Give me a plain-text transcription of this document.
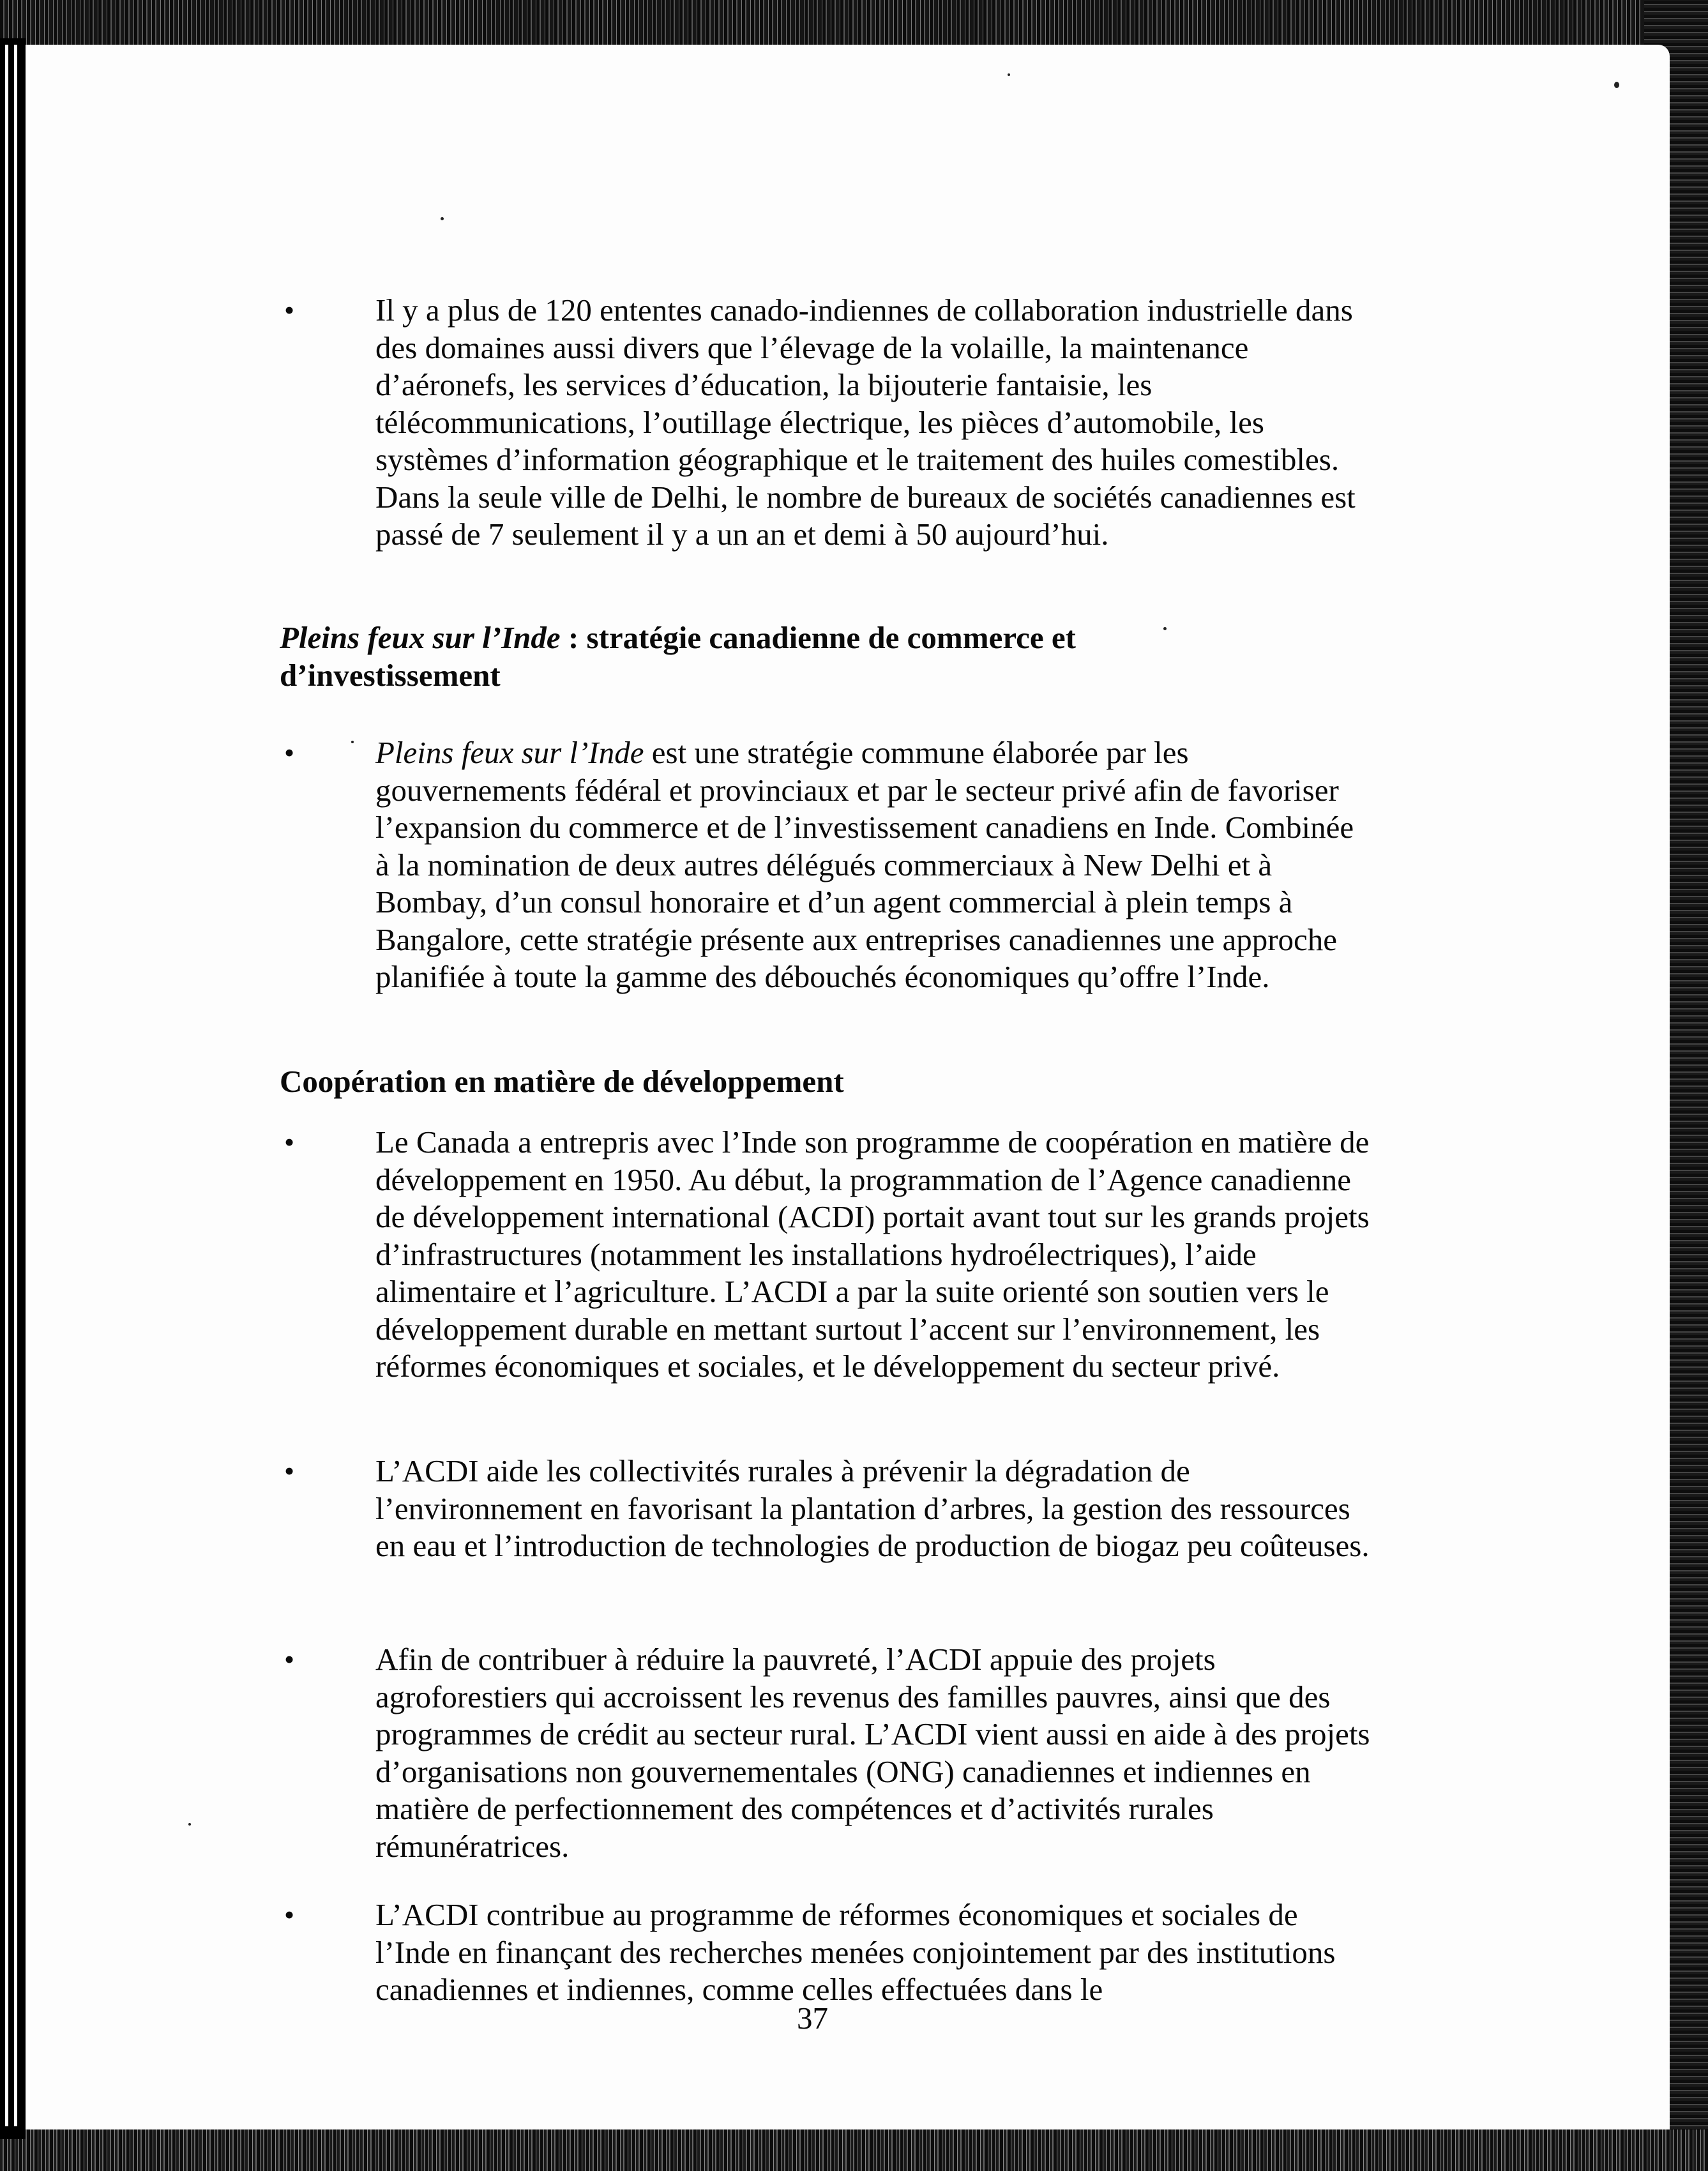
•	Il y a plus de 120 ententes canado-indiennes de collaboration industrielle dans des domaines aussi divers que l’élevage de la volaille, la maintenance d’aéronefs, les services d’éducation, la bijouterie fantaisie, les télécommunications, l’outillage électrique, les pièces d’automobile, les systèmes d’information géographique et le traitement des huiles comestibles. Dans la seule ville de Delhi, le nombre de bureaux de sociétés canadiennes est passé de 7 seulement il y a un an et demi à 50 aujourd’hui.
Pleins feux sur l’Inde : stratégie canadienne de commerce et d’investissement
•	Pleins feux sur l’Inde est une stratégie commune élaborée par les gouvernements fédéral et provinciaux et par le secteur privé afin de favoriser l’expansion du commerce et de l’investissement canadiens en Inde. Combinée à la nomination de deux autres délégués commerciaux à New Delhi et à Bombay, d’un consul honoraire et d’un agent commercial à plein temps à Bangalore, cette stratégie présente aux entreprises canadiennes une approche planifiée à toute la gamme des débouchés économiques qu’offre l’Inde.
Coopération en matière de développement
•	Le Canada a entrepris avec l’Inde son programme de coopération en matière de développement en 1950. Au début, la programmation de l’Agence canadienne de développement international (ACDI) portait avant tout sur les grands projets d’infrastructures (notamment les installations hydroélectriques), l’aide alimentaire et l’agriculture. L’ACDI a par la suite orienté son soutien vers le développement durable en mettant surtout l’accent sur l’environnement, les réformes économiques et sociales, et le développement du secteur privé.
•	L’ACDI aide les collectivités rurales à prévenir la dégradation de l’environnement en favorisant la plantation d’arbres, la gestion des ressources en eau et l’introduction de technologies de production de biogaz peu coûteuses.
•	Afin de contribuer à réduire la pauvreté, l’ACDI appuie des projets agroforestiers qui accroissent les revenus des familles pauvres, ainsi que des programmes de crédit au secteur rural. L’ACDI vient aussi en aide à des projets d’organisations non gouvernementales (ONG) canadiennes et indiennes en matière de perfectionnement des compétences et d’activités rurales rémunératrices.
•	L’ACDI contribue au programme de réformes économiques et sociales de l’Inde en finançant des recherches menées conjointement par des institutions canadiennes et indiennes, comme celles effectuées dans le
37
